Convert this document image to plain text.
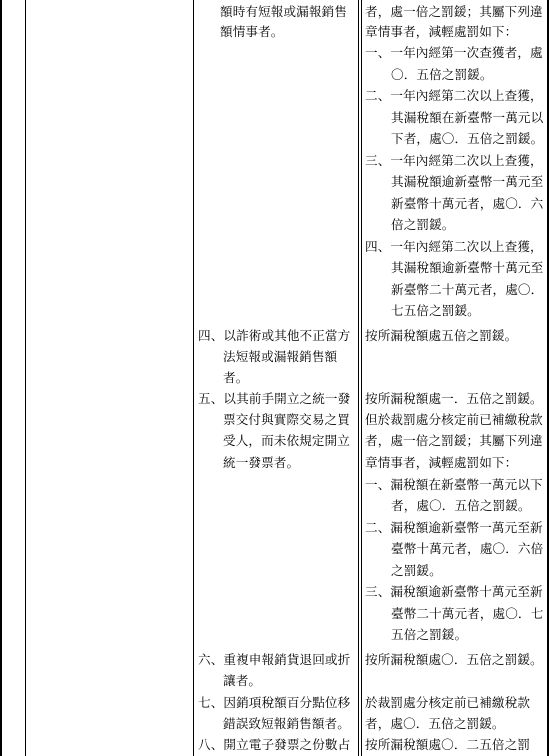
額時有短報或漏報銷售
額情事者。
四、以詐術或其他不正當方
法短報或漏報銷售額
者。
五、以其前手開立之統一發
票交付與實際交易之買
受人，而未依規定開立
統一發票者。
六、重複申報銷貨退回或折
讓者。
七、因銷項稅額百分點位移
錯誤致短報銷售額者。
八、開立電子發票之份數占
者，處一倍之罰鍰；其屬下列違
章情事者，減輕處罰如下：
一、一年內經第一次查獲者，處
〇．五倍之罰鍰。
二、一年內經第二次以上查獲，
其漏稅額在新臺幣一萬元以
下者，處〇．五倍之罰鍰。
三、一年內經第二次以上查獲，
其漏稅額逾新臺幣一萬元至
新臺幣十萬元者，處〇．六
倍之罰鍰。
四、一年內經第二次以上查獲，
其漏稅額逾新臺幣十萬元至
新臺幣二十萬元者，處〇．
七五倍之罰鍰。
按所漏稅額處五倍之罰鍰。
按所漏稅額處一．五倍之罰鍰。
但於裁罰處分核定前已補繳稅款
者，處一倍之罰鍰；其屬下列違
章情事者，減輕處罰如下：
一、漏稅額在新臺幣一萬元以下
者，處〇．五倍之罰鍰。
二、漏稅額逾新臺幣一萬元至新
臺幣十萬元者，處〇．六倍
之罰鍰。
三、漏稅額逾新臺幣十萬元至新
臺幣二十萬元者，處〇．七
五倍之罰鍰。
按所漏稅額處〇．五倍之罰鍰。
於裁罰處分核定前已補繳稅款
者，處〇．五倍之罰鍰。
按所漏稅額處〇．二五倍之罰
